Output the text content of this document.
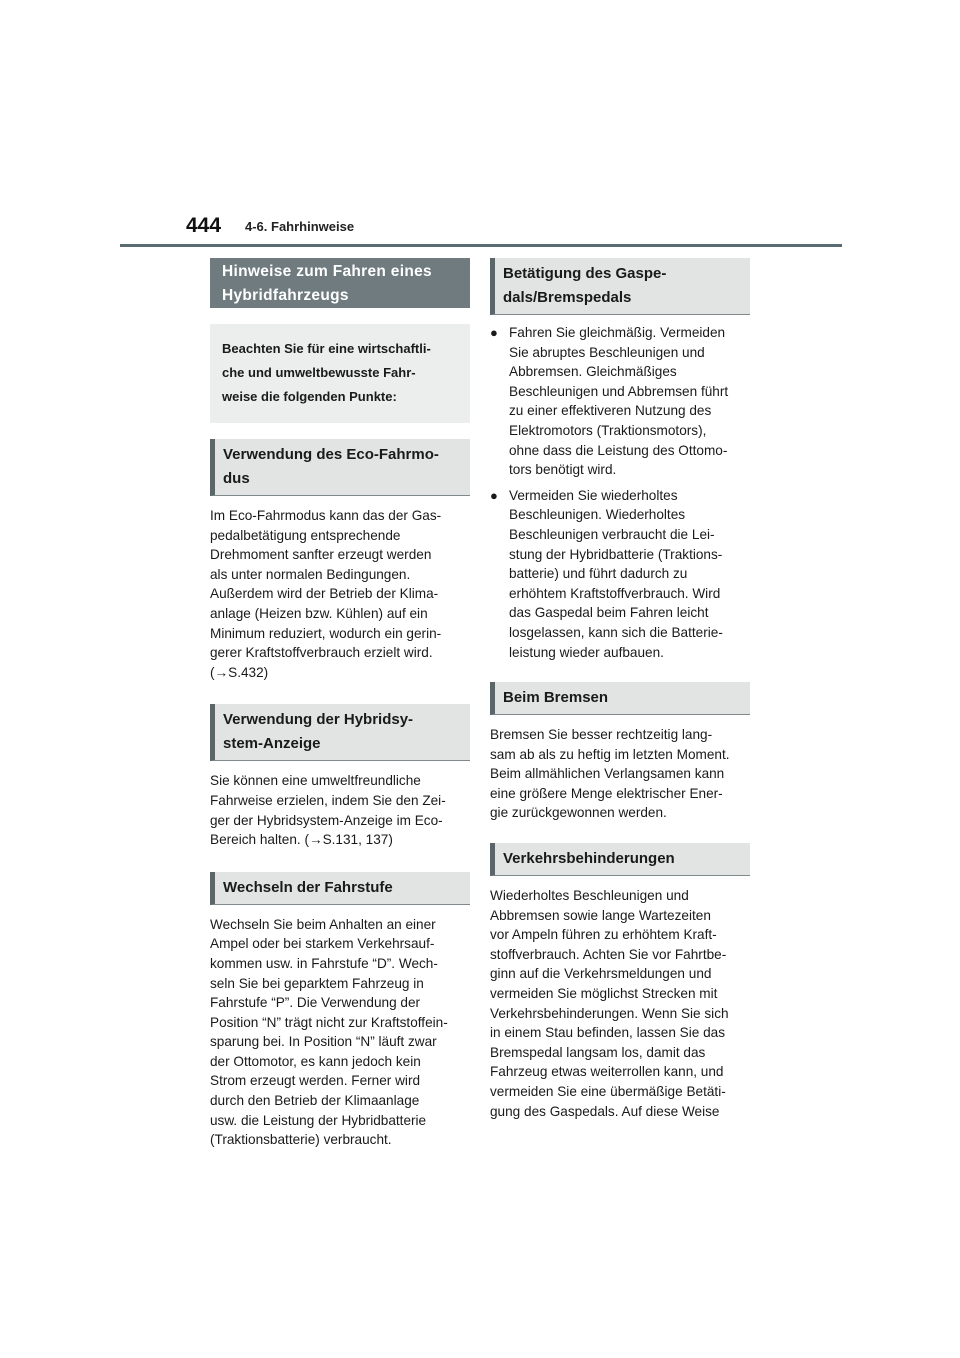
444 4-6. Fahrhinweise
Hinweise zum Fahren eines
Hybridfahrzeugs
Beachten Sie für eine wirtschaftli-
che und umweltbewusste Fahr-
weise die folgenden Punkte:
Verwendung des Eco-Fahrmo-
dus
Im Eco-Fahrmodus kann das der Gas-
pedalbetätigung entsprechende
Drehmoment sanfter erzeugt werden
als unter normalen Bedingungen.
Außerdem wird der Betrieb der Klima-
anlage (Heizen bzw. Kühlen) auf ein
Minimum reduziert, wodurch ein gerin-
gerer Kraftstoffverbrauch erzielt wird.
(→S.432)
Verwendung der Hybridsy-
stem-Anzeige
Sie können eine umweltfreundliche
Fahrweise erzielen, indem Sie den Zei-
ger der Hybridsystem-Anzeige im Eco-
Bereich halten. (→S.131, 137)
Wechseln der Fahrstufe
Wechseln Sie beim Anhalten an einer
Ampel oder bei starkem Verkehrsauf-
kommen usw. in Fahrstufe “D”. Wech-
seln Sie bei geparktem Fahrzeug in
Fahrstufe “P”. Die Verwendung der
Position “N” trägt nicht zur Kraftstoffein-
sparung bei. In Position “N” läuft zwar
der Ottomotor, es kann jedoch kein
Strom erzeugt werden. Ferner wird
durch den Betrieb der Klimaanlage
usw. die Leistung der Hybridbatterie
(Traktionsbatterie) verbraucht.
Betätigung des Gaspe-
dals/Bremspedals
● Fahren Sie gleichmäßig. Vermeiden
Sie abruptes Beschleunigen und
Abbremsen. Gleichmäßiges
Beschleunigen und Abbremsen führt
zu einer effektiveren Nutzung des
Elektromotors (Traktionsmotors),
ohne dass die Leistung des Ottomo-
tors benötigt wird.
● Vermeiden Sie wiederholtes
Beschleunigen. Wiederholtes
Beschleunigen verbraucht die Lei-
stung der Hybridbatterie (Traktions-
batterie) und führt dadurch zu
erhöhtem Kraftstoffverbrauch. Wird
das Gaspedal beim Fahren leicht
losgelassen, kann sich die Batterie-
leistung wieder aufbauen.
Beim Bremsen
Bremsen Sie besser rechtzeitig lang-
sam ab als zu heftig im letzten Moment.
Beim allmählichen Verlangsamen kann
eine größere Menge elektrischer Ener-
gie zurückgewonnen werden.
Verkehrsbehinderungen
Wiederholtes Beschleunigen und
Abbremsen sowie lange Wartezeiten
vor Ampeln führen zu erhöhtem Kraft-
stoffverbrauch. Achten Sie vor Fahrtbe-
ginn auf die Verkehrsmeldungen und
vermeiden Sie möglichst Strecken mit
Verkehrsbehinderungen. Wenn Sie sich
in einem Stau befinden, lassen Sie das
Bremspedal langsam los, damit das
Fahrzeug etwas weiterrollen kann, und
vermeiden Sie eine übermäßige Betäti-
gung des Gaspedals. Auf diese Weise
